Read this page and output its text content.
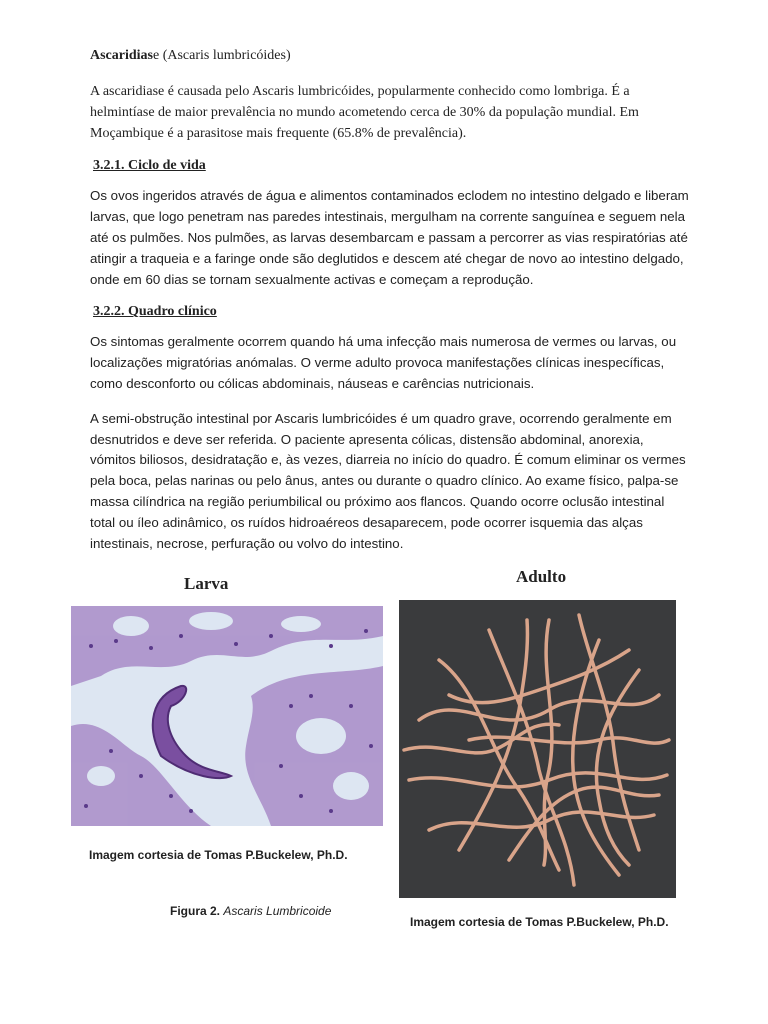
Ascaridiase (Ascaris lumbricóides)

A ascaridiase é causada pelo Ascaris lumbricóides, popularmente conhecido como lombriga. É a helmintíase de maior prevalência no mundo acometendo cerca de 30% da população mundial. Em Moçambique é a parasitose mais frequente (65.8% de prevalência).

3.2.1. Ciclo de vida

Os ovos ingeridos através de água e alimentos contaminados eclodem no intestino delgado e liberam larvas, que logo penetram nas paredes intestinais, mergulham na corrente sanguínea e seguem nela até os pulmões. Nos pulmões, as larvas desembarcam e passam a percorrer as vias respiratórias até atingir a traqueia e a faringe onde são deglutidos e descem até chegar de novo ao intestino delgado, onde em 60 dias se tornam sexualmente activas e começam a reprodução.

3.2.2. Quadro clínico

Os sintomas geralmente ocorrem quando há uma infecção mais numerosa de vermes ou larvas, ou localizações migratórias anómalas. O verme adulto provoca manifestações clínicas inespecíficas, como desconforto ou cólicas abdominais, náuseas e carências nutricionais.

A semi-obstrução intestinal por Ascaris lumbricóides é um quadro grave, ocorrendo geralmente em desnutridos e deve ser referida. O paciente apresenta cólicas, distensão abdominal, anorexia, vómitos biliosos, desidratação e, às vezes, diarreia no início do quadro. É comum eliminar os vermes pela boca, pelas narinas ou pelo ânus, antes ou durante o quadro clínico. Ao exame físico, palpa-se massa cilíndrica na região periumbilical ou próximo aos flancos. Quando ocorre oclusão intestinal total ou íleo adinâmico, os ruídos hidroaéreos desaparecem, pode ocorrer isquemia das alças intestinais, necrose, perfuração ou volvo do intestino.

Larva	Adulto
Imagem cortesia de Tomas P.Buckelew, Ph.D.
Figura 2. Ascaris Lumbricoide
Imagem cortesia de Tomas P.Buckelew, Ph.D.
